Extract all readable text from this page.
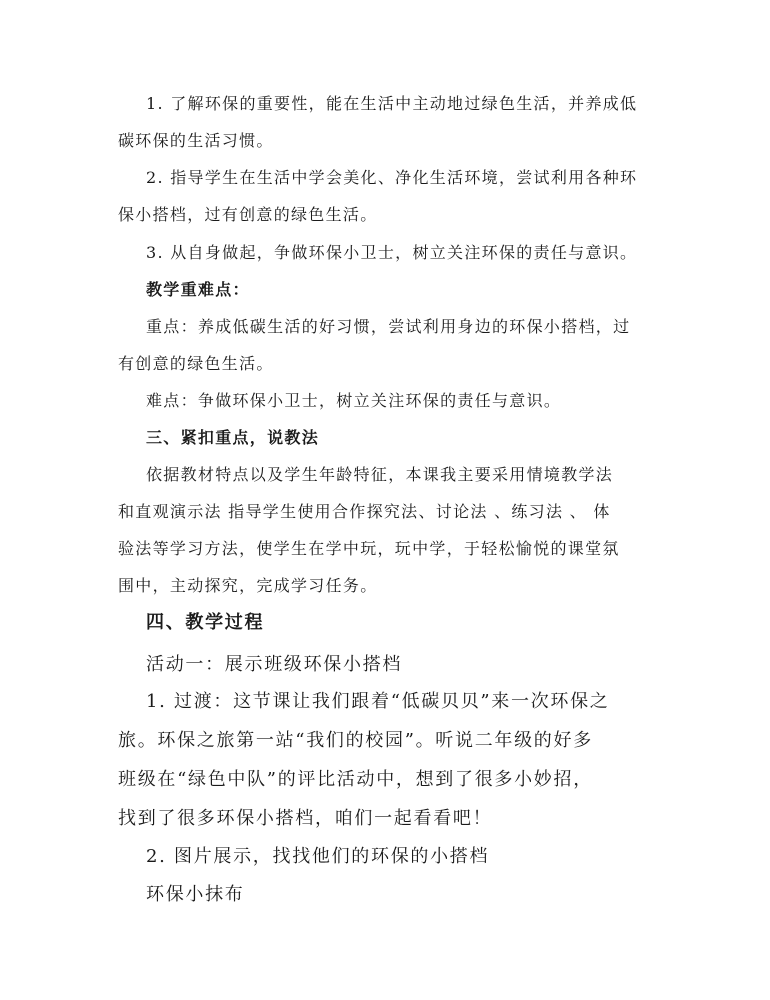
1. 了解环保的重要性，能在生活中主动地过绿色生活，并养成低

碳环保的生活习惯。

2. 指导学生在生活中学会美化、净化生活环境，尝试利用各种环

保小搭档，过有创意的绿色生活。

3. 从自身做起，争做环保小卫士，树立关注环保的责任与意识。

教学重难点：

重点：养成低碳生活的好习惯，尝试利用身边的环保小搭档，过

有创意的绿色生活。

难点：争做环保小卫士，树立关注环保的责任与意识。

三、紧扣重点，说教法

依据教材特点以及学生年龄特征，本课我主要采用情境教学法

和直观演示法 指导学生使用合作探究法、讨论法 、练习法 、 体

验法等学习方法，使学生在学中玩，玩中学，于轻松愉悦的课堂氛

围中，主动探究，完成学习任务。

四、教学过程

活动一：展示班级环保小搭档

1. 过渡：这节课让我们跟着“低碳贝贝”来一次环保之

旅。环保之旅第一站“我们的校园”。听说二年级的好多

班级在“绿色中队”的评比活动中，想到了很多小妙招，

找到了很多环保小搭档，咱们一起看看吧！

2. 图片展示，找找他们的环保的小搭档

环保小抹布
